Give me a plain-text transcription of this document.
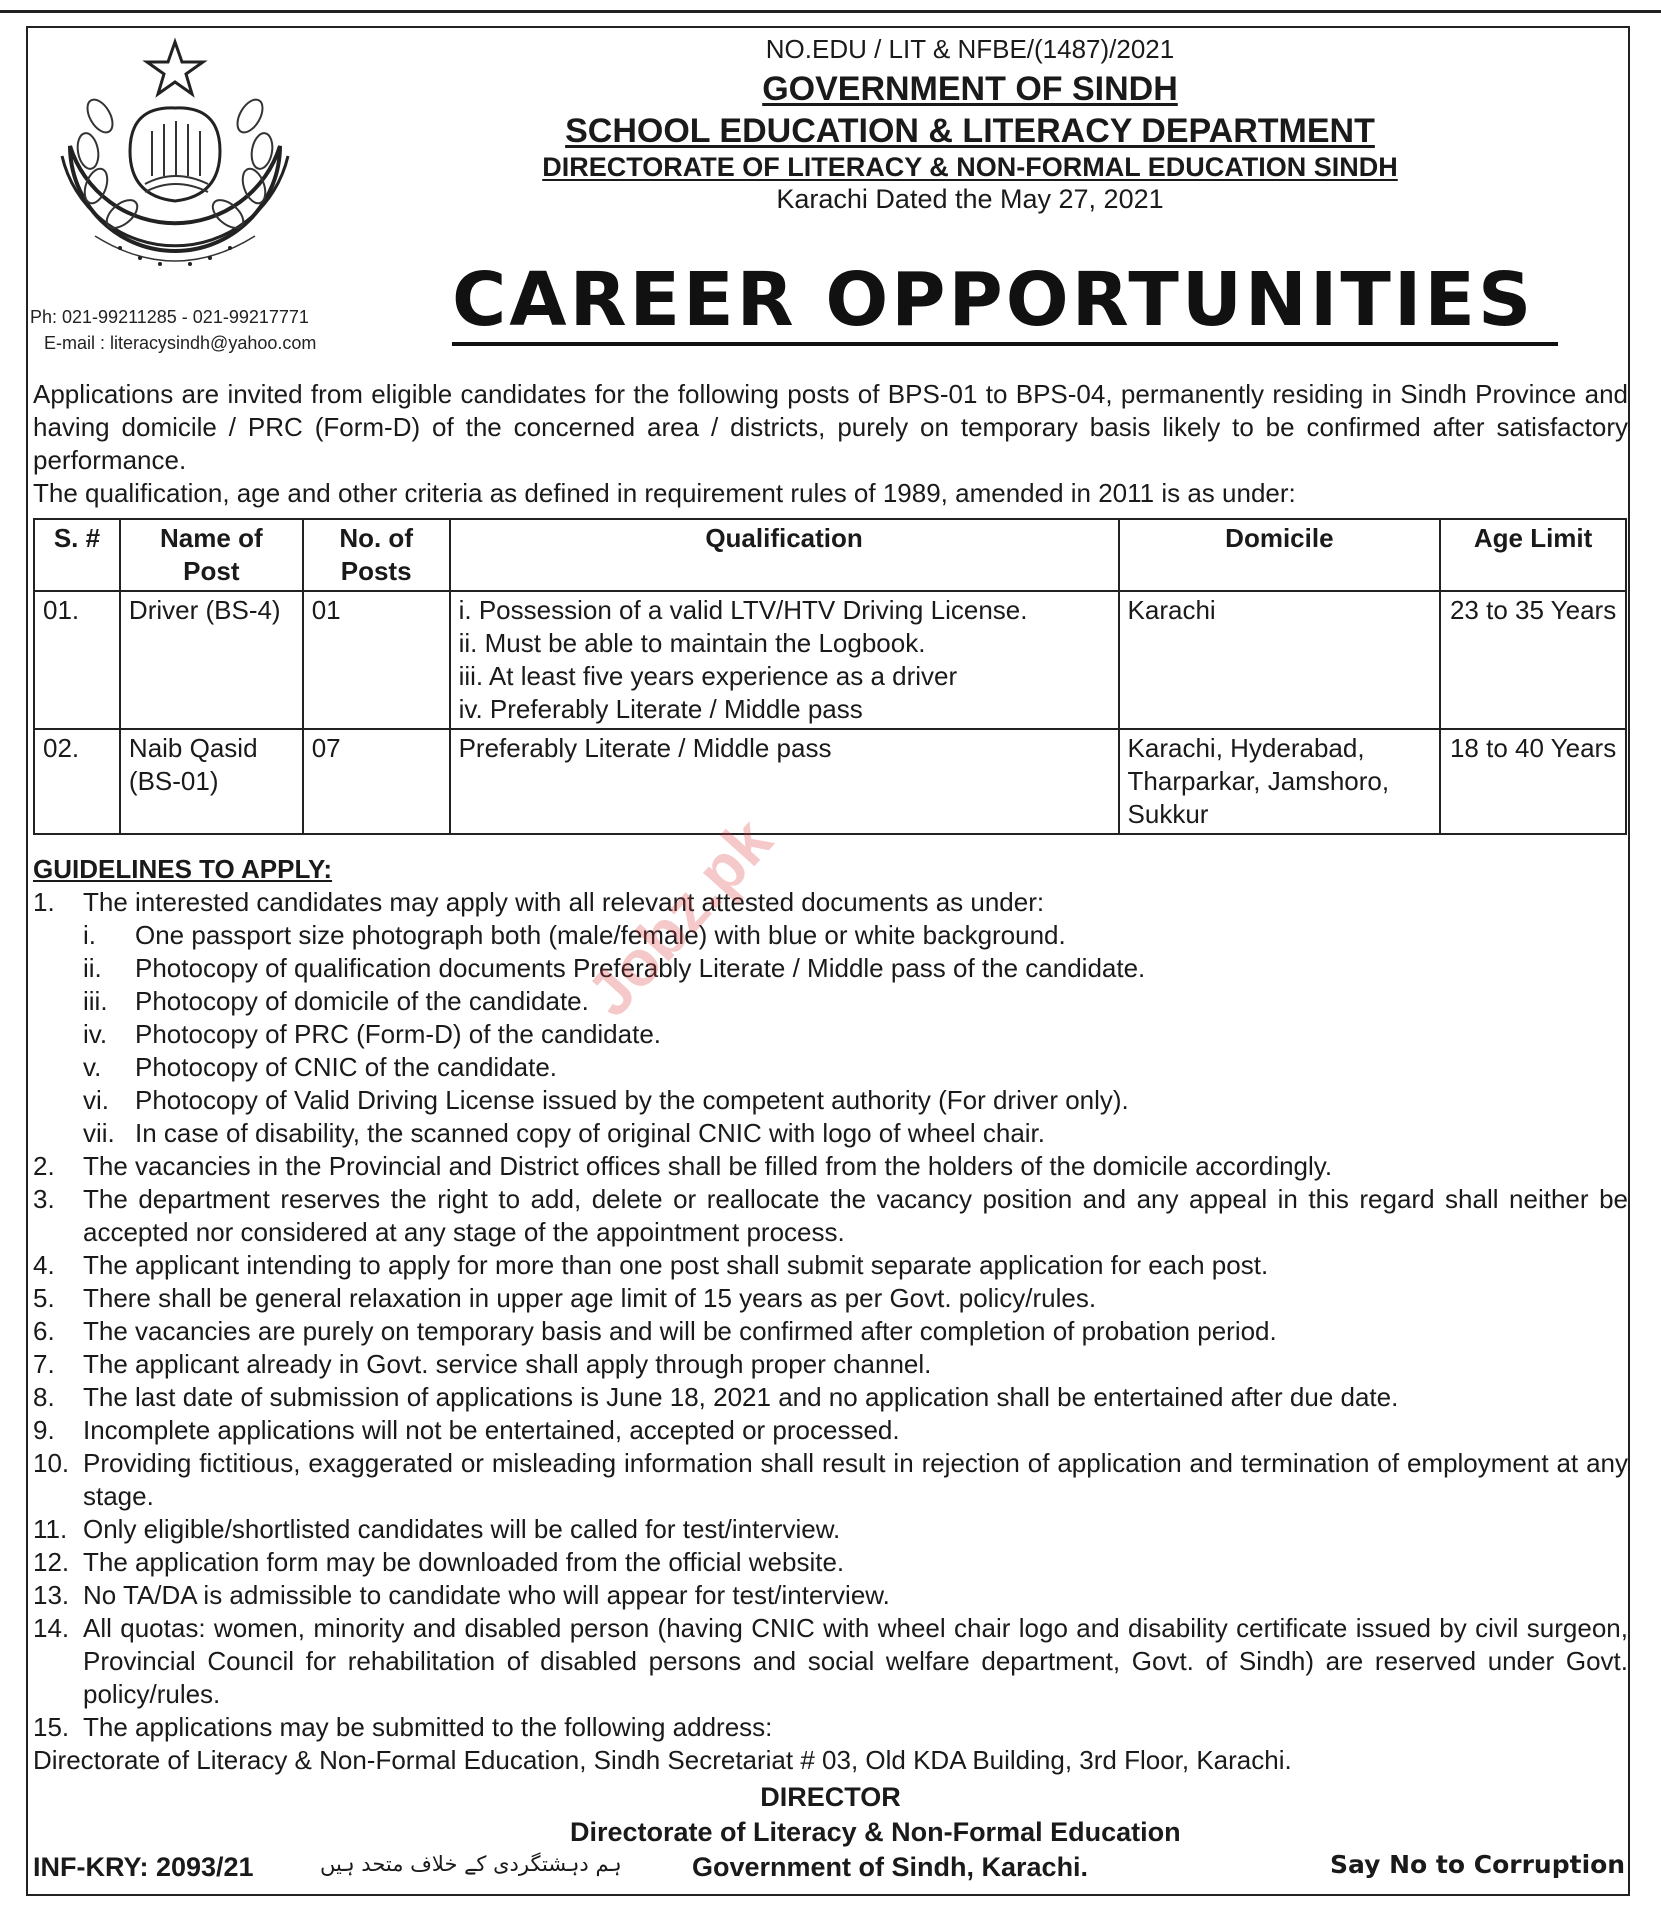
Ph: 021-99211285 - 021-99217771
E-mail : literacysindh@yahoo.com
NO.EDU / LIT & NFBE/(1487)/2021
GOVERNMENT OF SINDH
SCHOOL EDUCATION & LITERACY DEPARTMENT
DIRECTORATE OF LITERACY & NON-FORMAL EDUCATION SINDH
Karachi Dated the May 27, 2021
CAREER OPPORTUNITIES
Applications are invited from eligible candidates for the following posts of BPS-01 to BPS-04, permanently residing in Sindh Province and having domicile / PRC (Form-D) of the concerned area / districts, purely on temporary basis likely to be confirmed after satisfactory performance.
The qualification, age and other criteria as defined in requirement rules of 1989, amended in 2011 is as under:
S. #	Name of Post	No. of Posts	Qualification	Domicile	Age Limit
01.	Driver (BS-4)	01	i. Possession of a valid LTV/HTV Driving License.
ii. Must be able to maintain the Logbook.
iii. At least five years experience as a driver
iv. Preferably Literate / Middle pass	Karachi	23 to 35 Years
02.	Naib Qasid (BS-01)	07	Preferably Literate / Middle pass	Karachi, Hyderabad, Tharparkar, Jamshoro, Sukkur	18 to 40 Years
GUIDELINES TO APPLY:
1. The interested candidates may apply with all relevant attested documents as under:
i. One passport size photograph both (male/female) with blue or white background.
ii. Photocopy of qualification documents Preferably Literate / Middle pass of the candidate.
iii. Photocopy of domicile of the candidate.
iv. Photocopy of PRC (Form-D) of the candidate.
v. Photocopy of CNIC of the candidate.
vi. Photocopy of Valid Driving License issued by the competent authority (For driver only).
vii. In case of disability, the scanned copy of original CNIC with logo of wheel chair.
2. The vacancies in the Provincial and District offices shall be filled from the holders of the domicile accordingly.
3. The department reserves the right to add, delete or reallocate the vacancy position and any appeal in this regard shall neither be accepted nor considered at any stage of the appointment process.
4. The applicant intending to apply for more than one post shall submit separate application for each post.
5. There shall be general relaxation in upper age limit of 15 years as per Govt. policy/rules.
6. The vacancies are purely on temporary basis and will be confirmed after completion of probation period.
7. The applicant already in Govt. service shall apply through proper channel.
8. The last date of submission of applications is June 18, 2021 and no application shall be entertained after due date.
9. Incomplete applications will not be entertained, accepted or processed.
10. Providing fictitious, exaggerated or misleading information shall result in rejection of application and termination of employment at any stage.
11. Only eligible/shortlisted candidates will be called for test/interview.
12. The application form may be downloaded from the official website.
13. No TA/DA is admissible to candidate who will appear for test/interview.
14. All quotas: women, minority and disabled person (having CNIC with wheel chair logo and disability certificate issued by civil surgeon, Provincial Council for rehabilitation of disabled persons and social welfare department, Govt. of Sindh) are reserved under Govt. policy/rules.
15. The applications may be submitted to the following address:
Directorate of Literacy & Non-Formal Education, Sindh Secretariat # 03, Old KDA Building, 3rd Floor, Karachi.
DIRECTOR
Directorate of Literacy & Non-Formal Education
Government of Sindh, Karachi.
INF-KRY: 2093/21	ہم دہشتگردی کے خلاف متحد ہیں	Say No to Corruption
Jobz.pk
